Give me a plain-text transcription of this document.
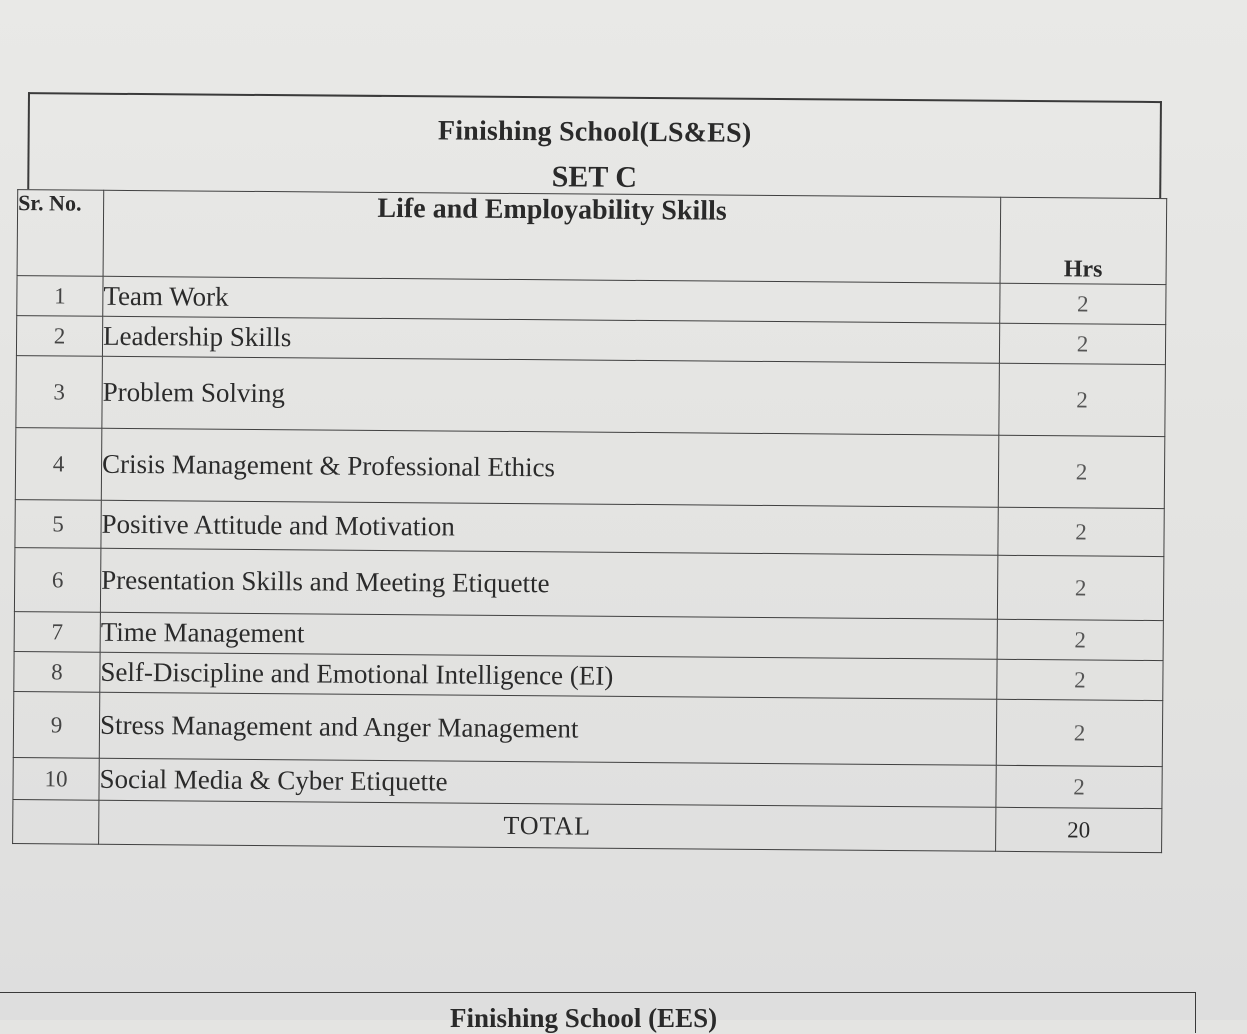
Finishing School(LS&ES)
SET C
Sr. No.	Life and Employability Skills	Hrs
1	Team Work	2
2	Leadership Skills	2
3	Problem Solving	2
4	Crisis Management & Professional Ethics	2
5	Positive Attitude and Motivation	2
6	Presentation Skills and Meeting Etiquette	2
7	Time Management	2
8	Self-Discipline and Emotional Intelligence (EI)	2
9	Stress Management and Anger Management	2
10	Social Media & Cyber Etiquette	2
	TOTAL	20
Finishing School (EES)
